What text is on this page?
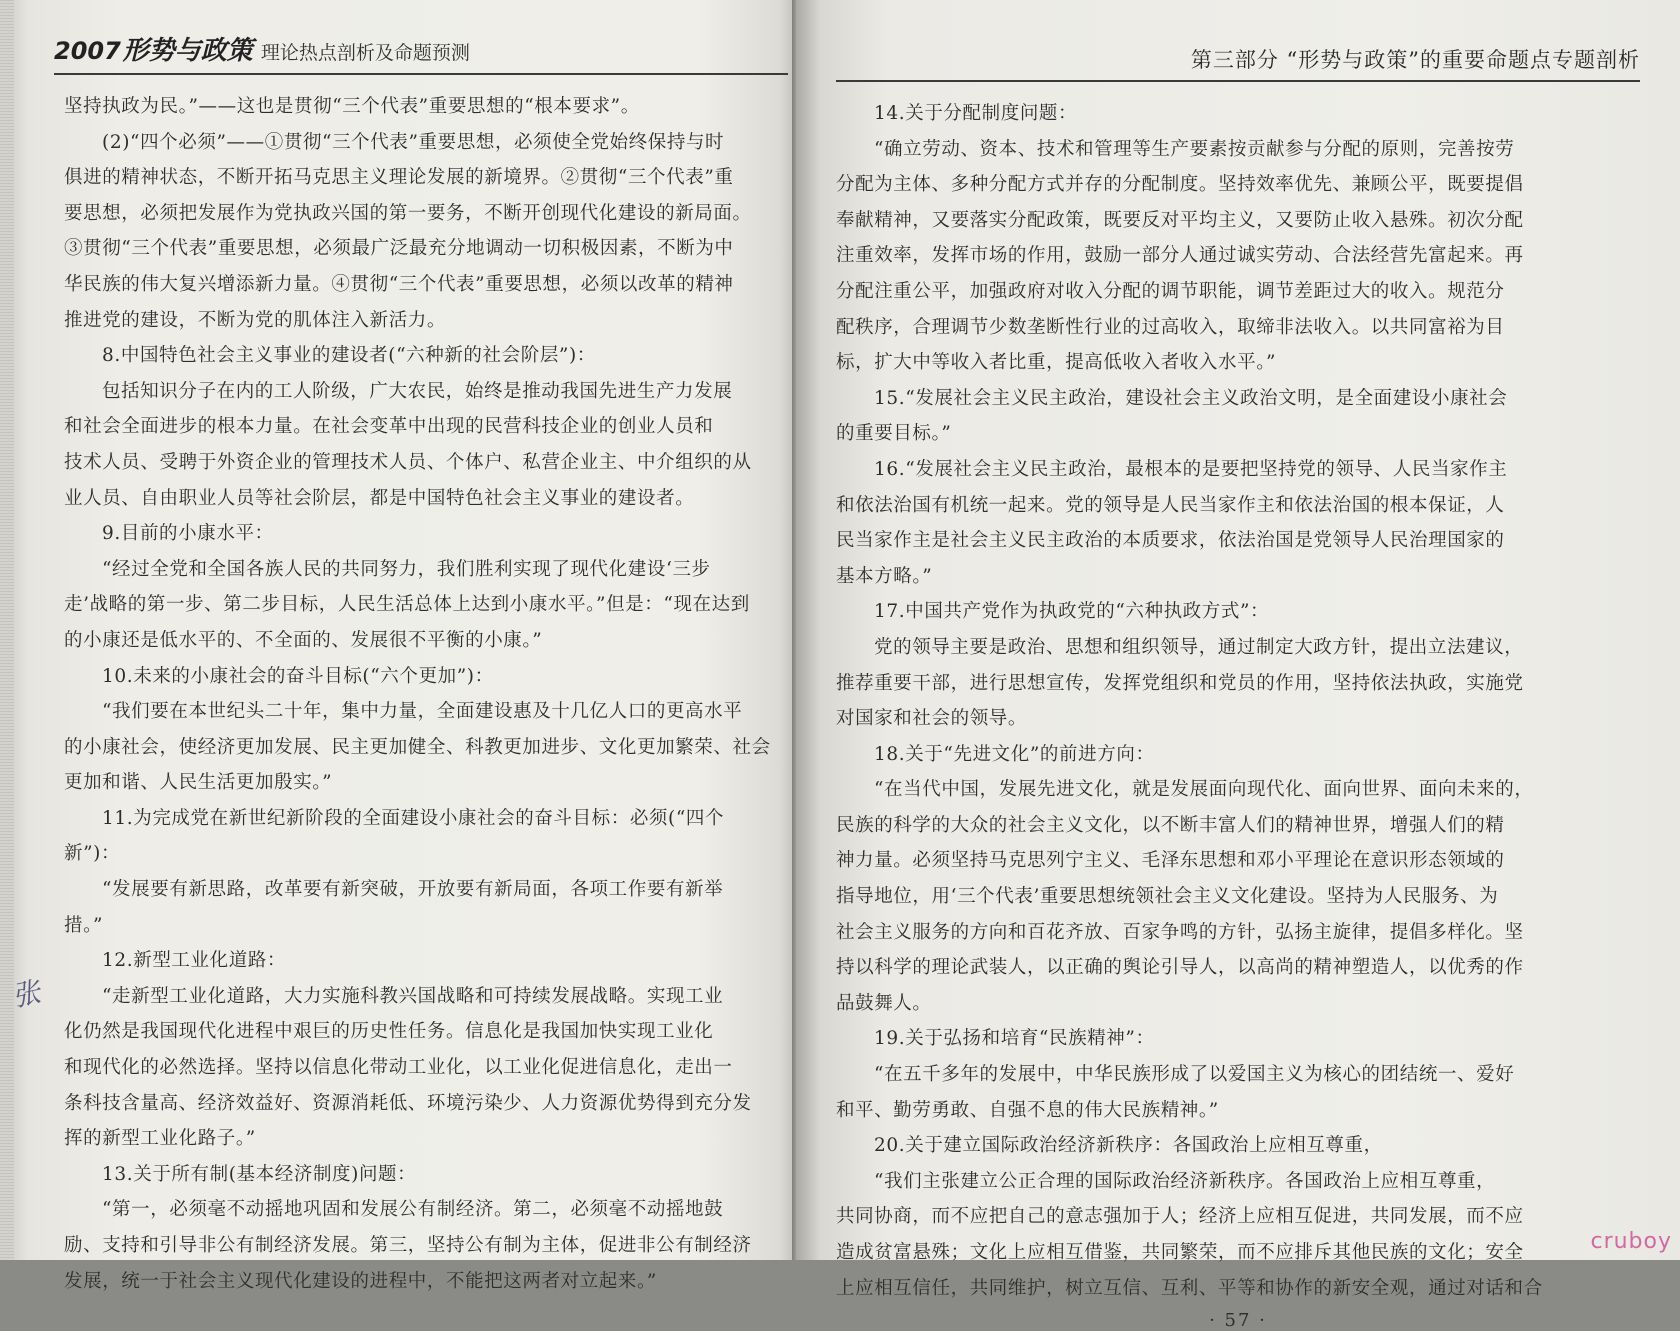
2007 形势与政策 理论热点剖析及命题预测

坚持执政为民。”——这也是贯彻“三个代表”重要思想的“根本要求”。

(2)“四个必须”——①贯彻“三个代表”重要思想，必须使全党始终保持与时

俱进的精神状态，不断开拓马克思主义理论发展的新境界。②贯彻“三个代表”重

要思想，必须把发展作为党执政兴国的第一要务，不断开创现代化建设的新局面。

③贯彻“三个代表”重要思想，必须最广泛最充分地调动一切积极因素，不断为中

华民族的伟大复兴增添新力量。④贯彻“三个代表”重要思想，必须以改革的精神

推进党的建设，不断为党的肌体注入新活力。

8.中国特色社会主义事业的建设者(“六种新的社会阶层”)：

包括知识分子在内的工人阶级，广大农民，始终是推动我国先进生产力发展

和社会全面进步的根本力量。在社会变革中出现的民营科技企业的创业人员和

技术人员、受聘于外资企业的管理技术人员、个体户、私营企业主、中介组织的从

业人员、自由职业人员等社会阶层，都是中国特色社会主义事业的建设者。

9.目前的小康水平：

“经过全党和全国各族人民的共同努力，我们胜利实现了现代化建设‘三步

走’战略的第一步、第二步目标，人民生活总体上达到小康水平。”但是：“现在达到

的小康还是低水平的、不全面的、发展很不平衡的小康。”

10.未来的小康社会的奋斗目标(“六个更加”)：

“我们要在本世纪头二十年，集中力量，全面建设惠及十几亿人口的更高水平

的小康社会，使经济更加发展、民主更加健全、科教更加进步、文化更加繁荣、社会

更加和谐、人民生活更加殷实。”

11.为完成党在新世纪新阶段的全面建设小康社会的奋斗目标：必须(“四个

新”)：

“发展要有新思路，改革要有新突破，开放要有新局面，各项工作要有新举

措。”

12.新型工业化道路：

“走新型工业化道路，大力实施科教兴国战略和可持续发展战略。实现工业

化仍然是我国现代化进程中艰巨的历史性任务。信息化是我国加快实现工业化

和现代化的必然选择。坚持以信息化带动工业化，以工业化促进信息化，走出一

条科技含量高、经济效益好、资源消耗低、环境污染少、人力资源优势得到充分发

挥的新型工业化路子。”

13.关于所有制(基本经济制度)问题：

“第一，必须毫不动摇地巩固和发展公有制经济。第二，必须毫不动摇地鼓

励、支持和引导非公有制经济发展。第三，坚持公有制为主体，促进非公有制经济

发展，统一于社会主义现代化建设的进程中，不能把这两者对立起来。”

张
第三部分 “形势与政策”的重要命题点专题剖析

14.关于分配制度问题：

“确立劳动、资本、技术和管理等生产要素按贡献参与分配的原则，完善按劳

分配为主体、多种分配方式并存的分配制度。坚持效率优先、兼顾公平，既要提倡

奉献精神，又要落实分配政策，既要反对平均主义，又要防止收入悬殊。初次分配

注重效率，发挥市场的作用，鼓励一部分人通过诚实劳动、合法经营先富起来。再

分配注重公平，加强政府对收入分配的调节职能，调节差距过大的收入。规范分

配秩序，合理调节少数垄断性行业的过高收入，取缔非法收入。以共同富裕为目

标，扩大中等收入者比重，提高低收入者收入水平。”

15.“发展社会主义民主政治，建设社会主义政治文明，是全面建设小康社会

的重要目标。”

16.“发展社会主义民主政治，最根本的是要把坚持党的领导、人民当家作主

和依法治国有机统一起来。党的领导是人民当家作主和依法治国的根本保证，人

民当家作主是社会主义民主政治的本质要求，依法治国是党领导人民治理国家的

基本方略。”

17.中国共产党作为执政党的“六种执政方式”：

党的领导主要是政治、思想和组织领导，通过制定大政方针，提出立法建议，

推荐重要干部，进行思想宣传，发挥党组织和党员的作用，坚持依法执政，实施党

对国家和社会的领导。

18.关于“先进文化”的前进方向：

“在当代中国，发展先进文化，就是发展面向现代化、面向世界、面向未来的，

民族的科学的大众的社会主义文化，以不断丰富人们的精神世界，增强人们的精

神力量。必须坚持马克思列宁主义、毛泽东思想和邓小平理论在意识形态领域的

指导地位，用‘三个代表’重要思想统领社会主义文化建设。坚持为人民服务、为

社会主义服务的方向和百花齐放、百家争鸣的方针，弘扬主旋律，提倡多样化。坚

持以科学的理论武装人，以正确的舆论引导人，以高尚的精神塑造人，以优秀的作

品鼓舞人。

19.关于弘扬和培育“民族精神”：

“在五千多年的发展中，中华民族形成了以爱国主义为核心的团结统一、爱好

和平、勤劳勇敢、自强不息的伟大民族精神。”

20.关于建立国际政治经济新秩序：各国政治上应相互尊重，

“我们主张建立公正合理的国际政治经济新秩序。各国政治上应相互尊重，

共同协商，而不应把自己的意志强加于人；经济上应相互促进，共同发展，而不应

造成贫富悬殊；文化上应相互借鉴，共同繁荣，而不应排斥其他民族的文化；安全

上应相互信任，共同维护，树立互信、互利、平等和协作的新安全观，通过对话和合

· 57 ·
cruboy
